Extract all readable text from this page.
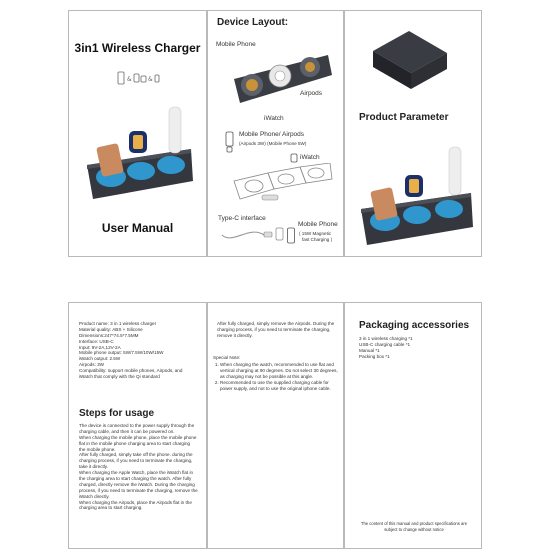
3in1 Wireless Charger
&	&
User Manual
Device Layout:
Mobile Phone
Airpods
iWatch
Mobile Phone/ Airpods
(Airpods 3W) (Mobile Phone 5W)
iWatch
Type-C interface
Mobile Phone
( 15W Magnetic
fast Charging )
Product Parameter
Product name: 3 in 1 wireless charger
Material quality: ABS + Silicone
Dimensions:247*74.5*7.5MM
Interface: USB-C
Input: 9V-2A,12V-2A
Mobile phone output: 5W/7.5W/10W/15W
iWatch output: 2.5W
Airpods: 3W
Compatibility: support mobile phones, Airpods, and
iWatch that comply with the Qi standard
Steps for usage
The device is connected to the power supply through the
charging cable, and then it can be powered on.
When charging the mobile phone, place the mobile phone
flat in the mobile phone charging area to start charging
the mobile phone.
After fully charged, simply take off the phone. during the
charging process, if you need to terminate the charging,
take it directly.
When charging the Apple Watch, place the iWatch flat in
the charging area to start charging the watch. After fully
charged, directly remove the iWatch. During the charging
process, if you need to terminate the charging, remove the
iWatch directly.
When charging the Airpods, place the Airpods flat in the
charging area to start charging.
After fully charged, simply remove the Airpods. During the
charging process, if you need to terminate the charging,
remove it directly.
Special Note:
1. When charging the watch, recommended to use flat and
vertical charging at 90 degrees. Do not select 30 degrees,
as charging may not be possible at this angle.
2. Recommended to use the supplied charging cable for
power supply, and not to use the original iphone cable.
Packaging accessories
3 in 1 wireless charging *1
USB-C charging cable *1
Manual *1
Packing box *1
The content of this manual and product specifications are
subject to change without notice
